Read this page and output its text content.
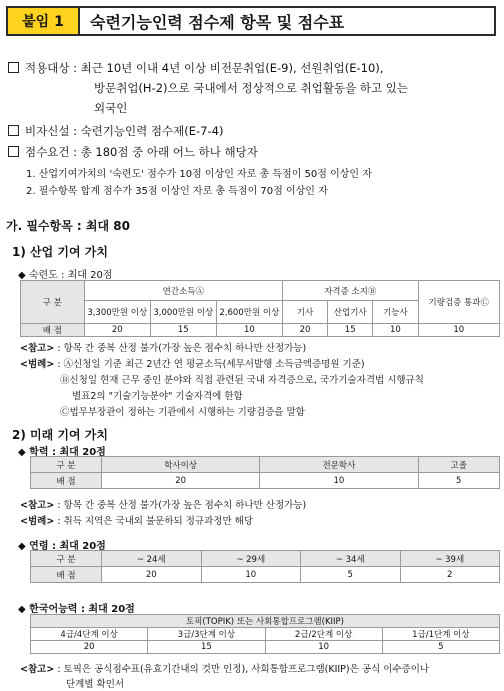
붙임 1	숙련기능인력 점수제 항목 및 점수표
적용대상 : 최근 10년 이내 4년 이상 비전문취업(E-9), 선원취업(E-10),
방문취업(H-2)으로 국내에서 정상적으로 취업활동을 하고 있는
외국인
비자신설 : 숙련기능인력 점수제(E-7-4)
점수요건 : 총 180점 중 아래 어느 하나 해당자
1. 산업기여가치의 '숙련도' 점수가 10점 이상인 자로 총 득점이 50점 이상인 자
2. 필수항목 합계 점수가 35점 이상인 자로 총 득점이 70점 이상인 자
가. 필수항목 : 최대 80
1) 산업 기여 가치
◆ 숙련도 : 최대 20점
구 분	연간소득Ⓐ			자격증 소지Ⓑ			기량검증 통과Ⓒ
	3,300만원 이상	3,000만원 이상	2,600만원 이상	기사	산업기사	기능사	
배 점	20	15	10	20	15	10	10
<참고> : 항목 간 중복 산정 불가(가장 높은 점수치 하나만 산정가능)
<범례> : Ⓐ신청일 기준 최근 2년간 연 평균소득(세무서발행 소득금액증명원 기준)
Ⓑ신청일 현재 근무 중인 분야와 직접 관련된 국내 자격증으로, 국가기술자격법 시행규칙
별표2의 "기술기능분야" 기술자격에 한함
Ⓒ법무부장관이 정하는 기관에서 시행하는 기량검증을 말함
2) 미래 기여 가치
◆ 학력 : 최대 20점
구 분	학사이상	전문학사	고졸
배 점	20	10	5
<참고> : 항목 간 중복 산정 불가(가장 높은 점수치 하나만 산정가능)
<범례> : 취득 지역은 국내외 불문하되 정규과정만 해당
◆ 연령 : 최대 20점
구 분	~ 24세	~ 29세	~ 34세	~ 39세
배 점	20	10	5	2
◆ 한국어능력 : 최대 20점
토픽(TOPIK) 또는 사회통합프로그램(KIIP)			
4급/4단계 이상	3급/3단계 이상	2급/2단계 이상	1급/1단계 이상
20	15	10	5
<참고> : 토픽은 공식점수표(유효기간내의 것만 인정), 사회통합프로그램(KIIP)은 공식 이수증이나
단계별 확인서
